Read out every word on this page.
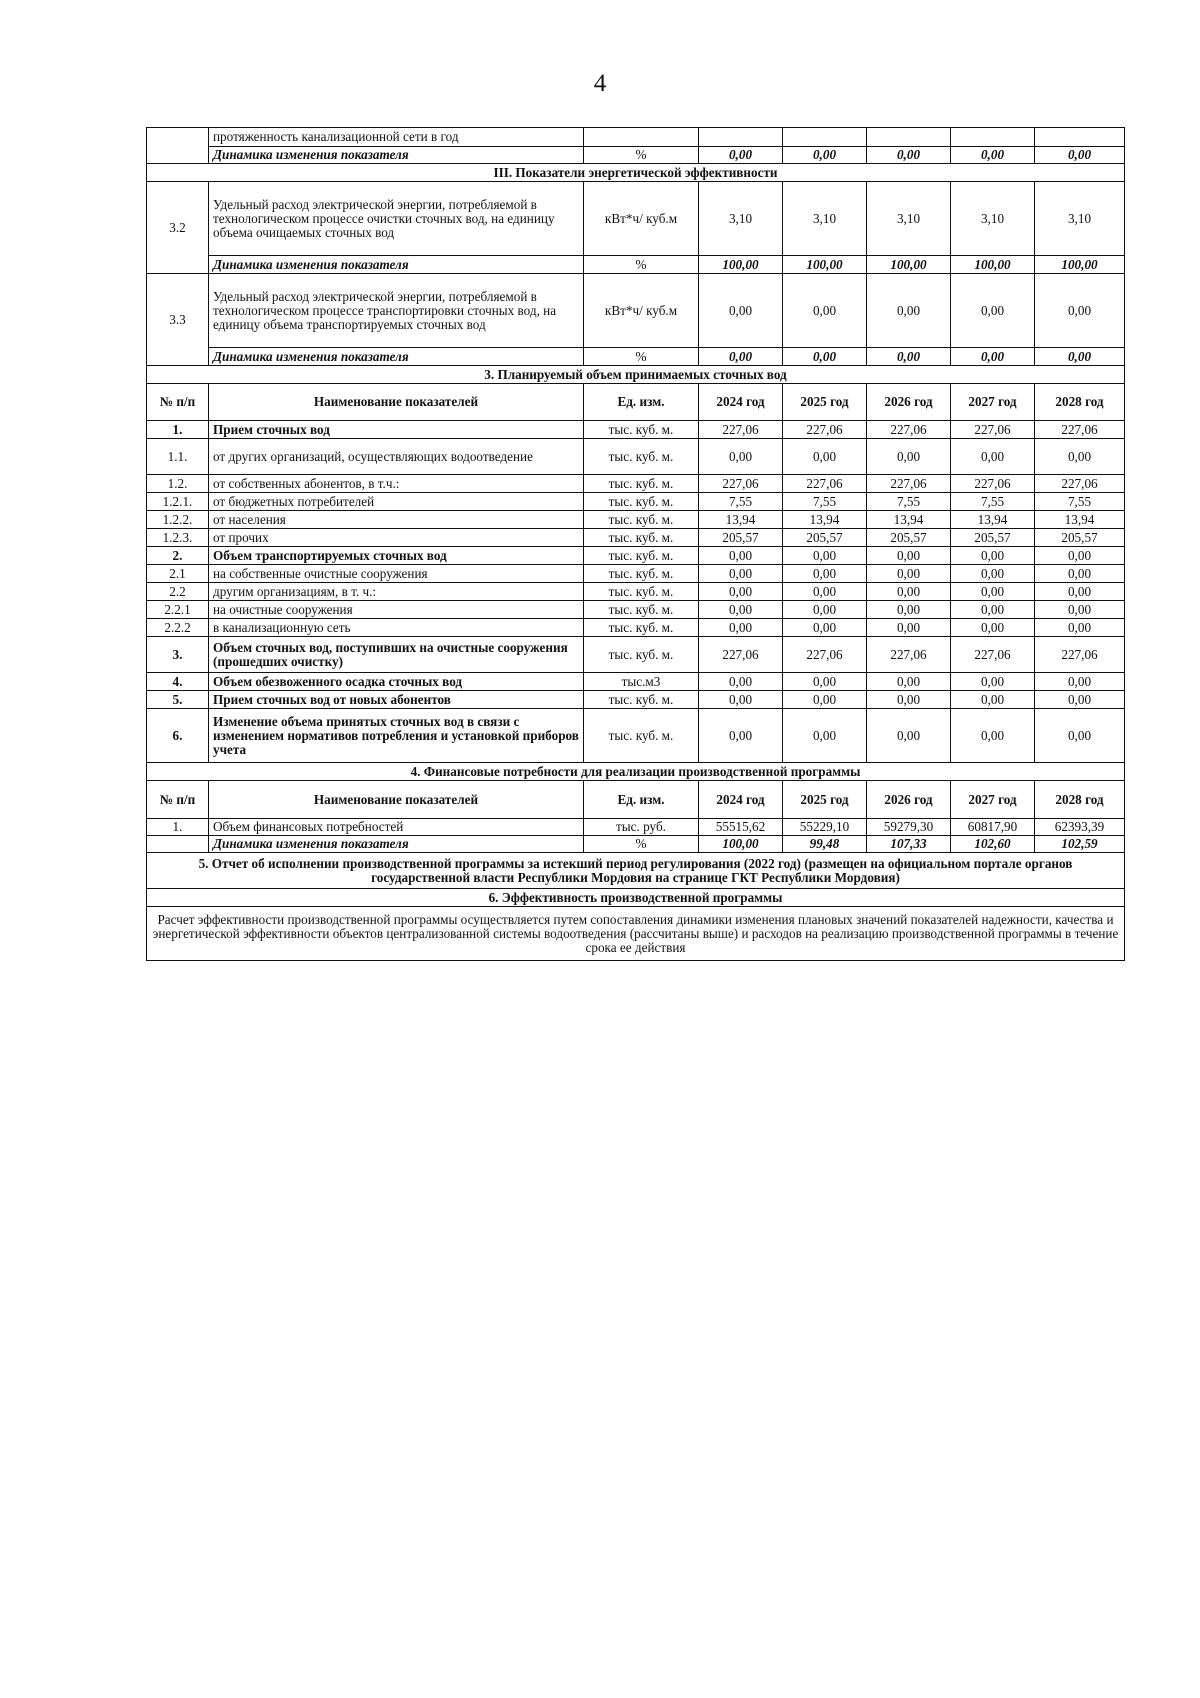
4
	протяженность канализационной сети в год						
	Динамика изменения показателя	%	0,00	0,00	0,00	0,00	0,00
III. Показатели энергетической эффективности							
3.2	Удельный расход электрической энергии, потребляемой в технологическом процессе очистки сточных вод, на единицу объема очищаемых сточных вод	кВт*ч/ куб.м	3,10	3,10	3,10	3,10	3,10
	Динамика изменения показателя	%	100,00	100,00	100,00	100,00	100,00
3.3	Удельный расход электрической энергии, потребляемой в технологическом процессе транспортировки сточных вод, на единицу объема транспортируемых сточных вод	кВт*ч/ куб.м	0,00	0,00	0,00	0,00	0,00
	Динамика изменения показателя	%	0,00	0,00	0,00	0,00	0,00
3. Планируемый объем принимаемых сточных вод							
№ п/п	Наименование показателей	Ед. изм.	2024 год	2025 год	2026 год	2027 год	2028 год
1.	Прием сточных вод	тыс. куб. м.	227,06	227,06	227,06	227,06	227,06
1.1.	от других организаций, осуществляющих водоотведение	тыс. куб. м.	0,00	0,00	0,00	0,00	0,00
1.2.	от собственных абонентов, в т.ч.:	тыс. куб. м.	227,06	227,06	227,06	227,06	227,06
1.2.1.	от бюджетных потребителей	тыс. куб. м.	7,55	7,55	7,55	7,55	7,55
1.2.2.	от населения	тыс. куб. м.	13,94	13,94	13,94	13,94	13,94
1.2.3.	от прочих	тыс. куб. м.	205,57	205,57	205,57	205,57	205,57
2.	Объем транспортируемых сточных вод	тыс. куб. м.	0,00	0,00	0,00	0,00	0,00
2.1	на собственные очистные сооружения	тыс. куб. м.	0,00	0,00	0,00	0,00	0,00
2.2	другим организациям, в т. ч.:	тыс. куб. м.	0,00	0,00	0,00	0,00	0,00
2.2.1	на очистные сооружения	тыс. куб. м.	0,00	0,00	0,00	0,00	0,00
2.2.2	в канализационную сеть	тыс. куб. м.	0,00	0,00	0,00	0,00	0,00
3.	Объем сточных вод, поступивших на очистные сооружения (прошедших очистку)	тыс. куб. м.	227,06	227,06	227,06	227,06	227,06
4.	Объем обезвоженного осадка сточных вод	тыс.м3	0,00	0,00	0,00	0,00	0,00
5.	Прием сточных вод от новых абонентов	тыс. куб. м.	0,00	0,00	0,00	0,00	0,00
6.	Изменение объема принятых сточных вод в связи с изменением нормативов потребления и установкой приборов учета	тыс. куб. м.	0,00	0,00	0,00	0,00	0,00
4. Финансовые потребности для реализации производственной программы							
№ п/п	Наименование показателей	Ед. изм.	2024 год	2025 год	2026 год	2027 год	2028 год
1.	Объем финансовых потребностей	тыс. руб.	55515,62	55229,10	59279,30	60817,90	62393,39
	Динамика изменения показателя	%	100,00	99,48	107,33	102,60	102,59
5. Отчет об исполнении производственной программы за истекший период регулирования (2022 год) (размещен на официальном портале органов государственной власти Республики Мордовия на странице ГКТ Республики Мордовия)							
6. Эффективность производственной программы							
Расчет эффективности производственной программы осуществляется путем сопоставления динамики изменения плановых значений показателей надежности, качества и энергетической эффективности объектов централизованной системы водоотведения (рассчитаны выше) и расходов на реализацию производственной программы в течение срока ее действия							
